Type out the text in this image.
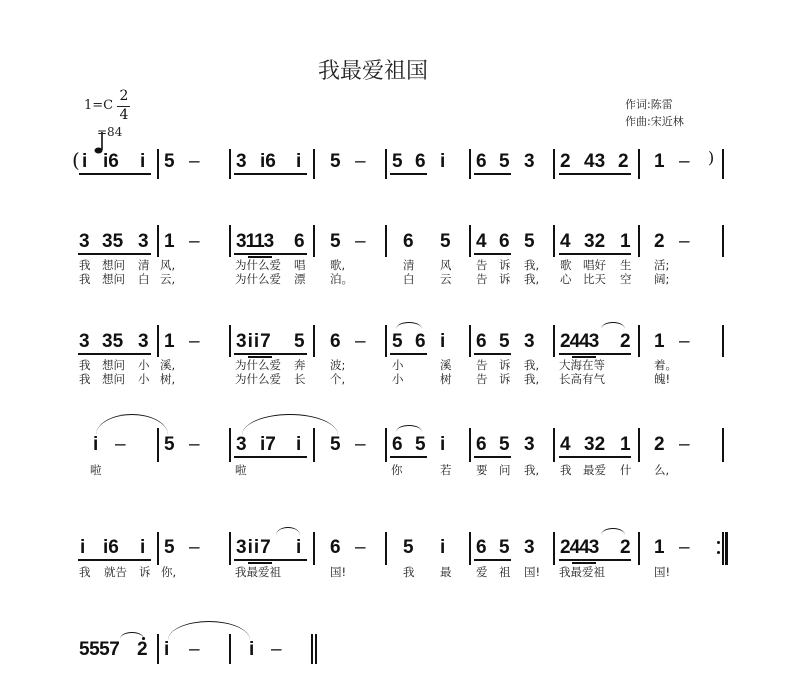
我最爱祖国
1=C
2
4

=84
作词:陈雷
作曲:宋近林
( i i6 i 5 – 3 i6 i 5 – 5 6 i 6 5 3 2 43 2 1 – )
3 35 3 1 – 3113 6 5 – 6 5 4 6 5 4 32 1 2 –
我 想问 清 风,	为什么爱 唱 歌,	清 风 告 诉 我, 歌 唱好 生 活;
我 想问 白 云,	为什么爱 漂 泊。	白 云 告 诉 我, 心 比天 空 阔;
3 35 3 1 – 3ii7 5 6 – 5 6 i 6 5 3 2443 2 1 –
我 想问 小 溪,	为什么爱 奔 波;	小	溪 告 诉 我, 大海在等	着。
我 想问 小 树,	为什么爱 长 个,	小	树 告 诉 我, 长高有气	魄!
i – 5 – 3 i7 i 5 – 6 5 i 6 5 3 4 32 1 2 –
啦	啦	你	若 要 问 我, 我 最爱 什 么,
i i6 i 5 – 3ii7 i 6 – 5 i 6 5 3 2443 2 1 –
我 就告 诉 你,	我最爱祖	国!	我 最 爱 祖 国! 我最爱祖	国!
5557 2 i –	i –
